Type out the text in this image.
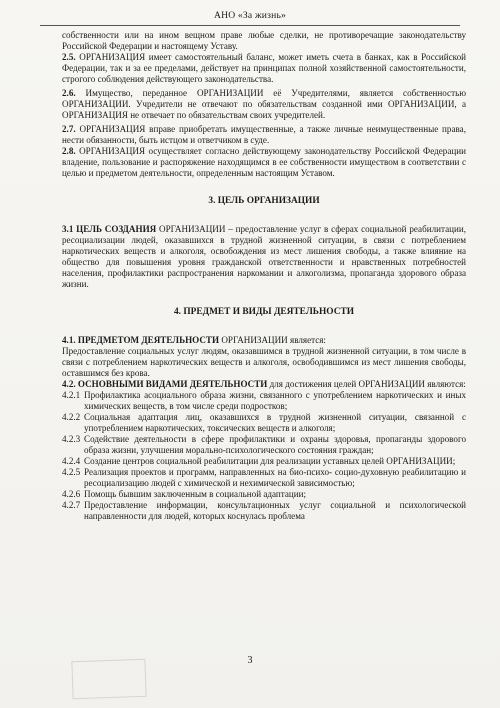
АНО «За жизнь»

собственности или на ином вещном праве любые сделки, не противоречащие законодательству Российской Федерации и настоящему Уставу.

2.5. ОРГАНИЗАЦИЯ имеет самостоятельный баланс, может иметь счета в банках, как в Российской Федерации, так и за ее пределами, действует на принципах полной хозяйственной самостоятельности, строгого соблюдения действующего законодательства.

2.6. Имущество, переданное ОРГАНИЗАЦИИ её Учредителями, является собственностью ОРГАНИЗАЦИИ. Учредители не отвечают по обязательствам созданной ими ОРГАНИЗАЦИИ, а ОРГАНИЗАЦИЯ не отвечает по обязательствам своих учредителей.

2.7. ОРГАНИЗАЦИЯ вправе приобретать имущественные, а также личные неимущественные права, нести обязанности, быть истцом и ответчиком в суде.

2.8. ОРГАНИЗАЦИЯ осуществляет согласно действующему законодательству Российской Федерации владение, пользование и распоряжение находящимся в ее собственности имуществом в соответствии с целью и предметом деятельности, определенным настоящим Уставом.

3. ЦЕЛЬ ОРГАНИЗАЦИИ

3.1 ЦЕЛЬ СОЗДАНИЯ ОРГАНИЗАЦИИ – предоставление услуг в сферах социальной реабилитации, ресоциализации людей, оказавшихся в трудной жизненной ситуации, в связи с потреблением наркотических веществ и алкоголя, освобождения из мест лишения свободы, а также влияние на общество для повышения уровня гражданской ответственности и нравственных потребностей населения, профилактики распространения наркомании и алкоголизма, пропаганда здорового образа жизни.

4. ПРЕДМЕТ И ВИДЫ ДЕЯТЕЛЬНОСТИ

4.1. ПРЕДМЕТОМ ДЕЯТЕЛЬНОСТИ ОРГАНИЗАЦИИ является:

Предоставление социальных услуг людям, оказавшимся в трудной жизненной ситуации, в том числе в связи с потреблением наркотических веществ и алкоголя, освободившимся из мест лишения свободы, оставшимся без крова.

4.2. ОСНОВНЫМИ ВИДАМИ ДЕЯТЕЛЬНОСТИ для достижения целей ОРГАНИЗАЦИИ являются:

4.2.1 Профилактика асоциального образа жизни, связанного с употреблением наркотических и иных химических веществ, в том числе среди подростков;
4.2.2 Социальная адаптация лиц, оказавшихся в трудной жизненной ситуации, связанной с употреблением наркотических, токсических веществ и алкоголя;
4.2.3 Содействие деятельности в сфере профилактики и охраны здоровья, пропаганды здорового образа жизни, улучшения морально-психологического состояния граждан;
4.2.4 Создание центров социальной реабилитации для реализации уставных целей ОРГАНИЗАЦИИ;
4.2.5 Реализация проектов и программ, направленных на био-психо- социо-духовную реабилитацию и ресоциализацию людей с химической и нехимической зависимостью;
4.2.6 Помощь бывшим заключенным в социальной адаптации;
4.2.7 Предоставление информации, консультационных услуг социальной и психологической направленности для людей, которых коснулась проблема
3
